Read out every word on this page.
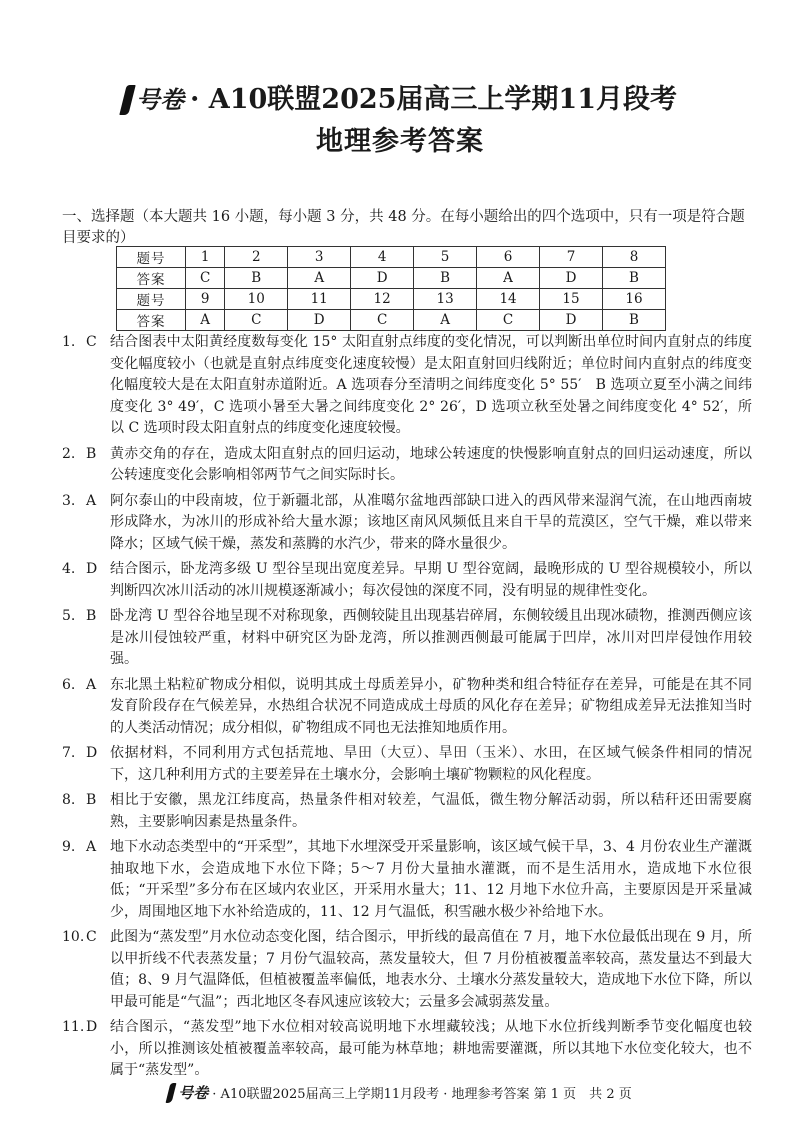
号卷 · A10联盟2025届高三上学期11月段考
地理参考答案
一、选择题（本大题共 16 小题，每小题 3 分，共 48 分。在每小题给出的四个选项中，只有一项是符合题目要求的）
题号	1	2	3	4	5	6	7	8
答案	C	B	A	D	B	A	D	B
题号	9	10	11	12	13	14	15	16
答案	A	C	D	C	A	C	D	B
1. C 结合图表中太阳黄经度数每变化 15° 太阳直射点纬度的变化情况，可以判断出单位时间内直射点的纬度变化幅度较小（也就是直射点纬度变化速度较慢）是太阳直射回归线附近；单位时间内直射点的纬度变化幅度较大是在太阳直射赤道附近。A 选项春分至清明之间纬度变化 5° 55′　B 选项立夏至小满之间纬度变化 3° 49′，C 选项小暑至大暑之间纬度变化 2° 26′，D 选项立秋至处暑之间纬度变化 4° 52′，所以 C 选项时段太阳直射点的纬度变化速度较慢。
2. B 黄赤交角的存在，造成太阳直射点的回归运动，地球公转速度的快慢影响直射点的回归运动速度，所以公转速度变化会影响相邻两节气之间实际时长。
3. A 阿尔泰山的中段南坡，位于新疆北部，从准噶尔盆地西部缺口进入的西风带来湿润气流，在山地西南坡形成降水，为冰川的形成补给大量水源；该地区南风风频低且来自干旱的荒漠区，空气干燥，难以带来降水；区域气候干燥，蒸发和蒸腾的水汽少，带来的降水量很少。
4. D 结合图示，卧龙湾多级 U 型谷呈现出宽度差异。早期 U 型谷宽阔，最晚形成的 U 型谷规模较小，所以判断四次冰川活动的冰川规模逐渐减小；每次侵蚀的深度不同，没有明显的规律性变化。
5. B 卧龙湾 U 型谷谷地呈现不对称现象，西侧较陡且出现基岩碎屑，东侧较缓且出现冰碛物，推测西侧应该是冰川侵蚀较严重，材料中研究区为卧龙湾，所以推测西侧最可能属于凹岸，冰川对凹岸侵蚀作用较强。
6. A 东北黑土粘粒矿物成分相似，说明其成土母质差异小，矿物种类和组合特征存在差异，可能是在其不同发育阶段存在气候差异，水热组合状况不同造成成土母质的风化存在差异；矿物组成差异无法推知当时的人类活动情况；成分相似，矿物组成不同也无法推知地质作用。
7. D 依据材料，不同利用方式包括荒地、旱田（大豆）、旱田（玉米）、水田，在区域气候条件相同的情况下，这几种利用方式的主要差异在土壤水分，会影响土壤矿物颗粒的风化程度。
8. B 相比于安徽，黑龙江纬度高，热量条件相对较差，气温低，微生物分解活动弱，所以秸秆还田需要腐熟，主要影响因素是热量条件。
9. A 地下水动态类型中的“开采型”，其地下水埋深受开采量影响，该区域气候干旱，3、4 月份农业生产灌溉抽取地下水，会造成地下水位下降；5～7 月份大量抽水灌溉，而不是生活用水，造成地下水位很低；“开采型”多分布在区域内农业区，开采用水量大；11、12 月地下水位升高，主要原因是开采量减少，周围地区地下水补给造成的，11、12 月气温低，积雪融水极少补给地下水。
10. C 此图为“蒸发型”月水位动态变化图，结合图示，甲折线的最高值在 7 月，地下水位最低出现在 9 月，所以甲折线不代表蒸发量；7 月份气温较高，蒸发量较大，但 7 月份植被覆盖率较高，蒸发量达不到最大值；8、9 月气温降低，但植被覆盖率偏低，地表水分、土壤水分蒸发量较大，造成地下水位下降，所以甲最可能是“气温”；西北地区冬春风速应该较大；云量多会减弱蒸发量。
11. D 结合图示，“蒸发型”地下水位相对较高说明地下水埋藏较浅；从地下水位折线判断季节变化幅度也较小，所以推测该处植被覆盖率较高，最可能为林草地；耕地需要灌溉，所以其地下水位变化较大，也不属于“蒸发型”。
号卷 · A10联盟2025届高三上学期11月段考 · 地理参考答案 第 1 页　共 2 页
